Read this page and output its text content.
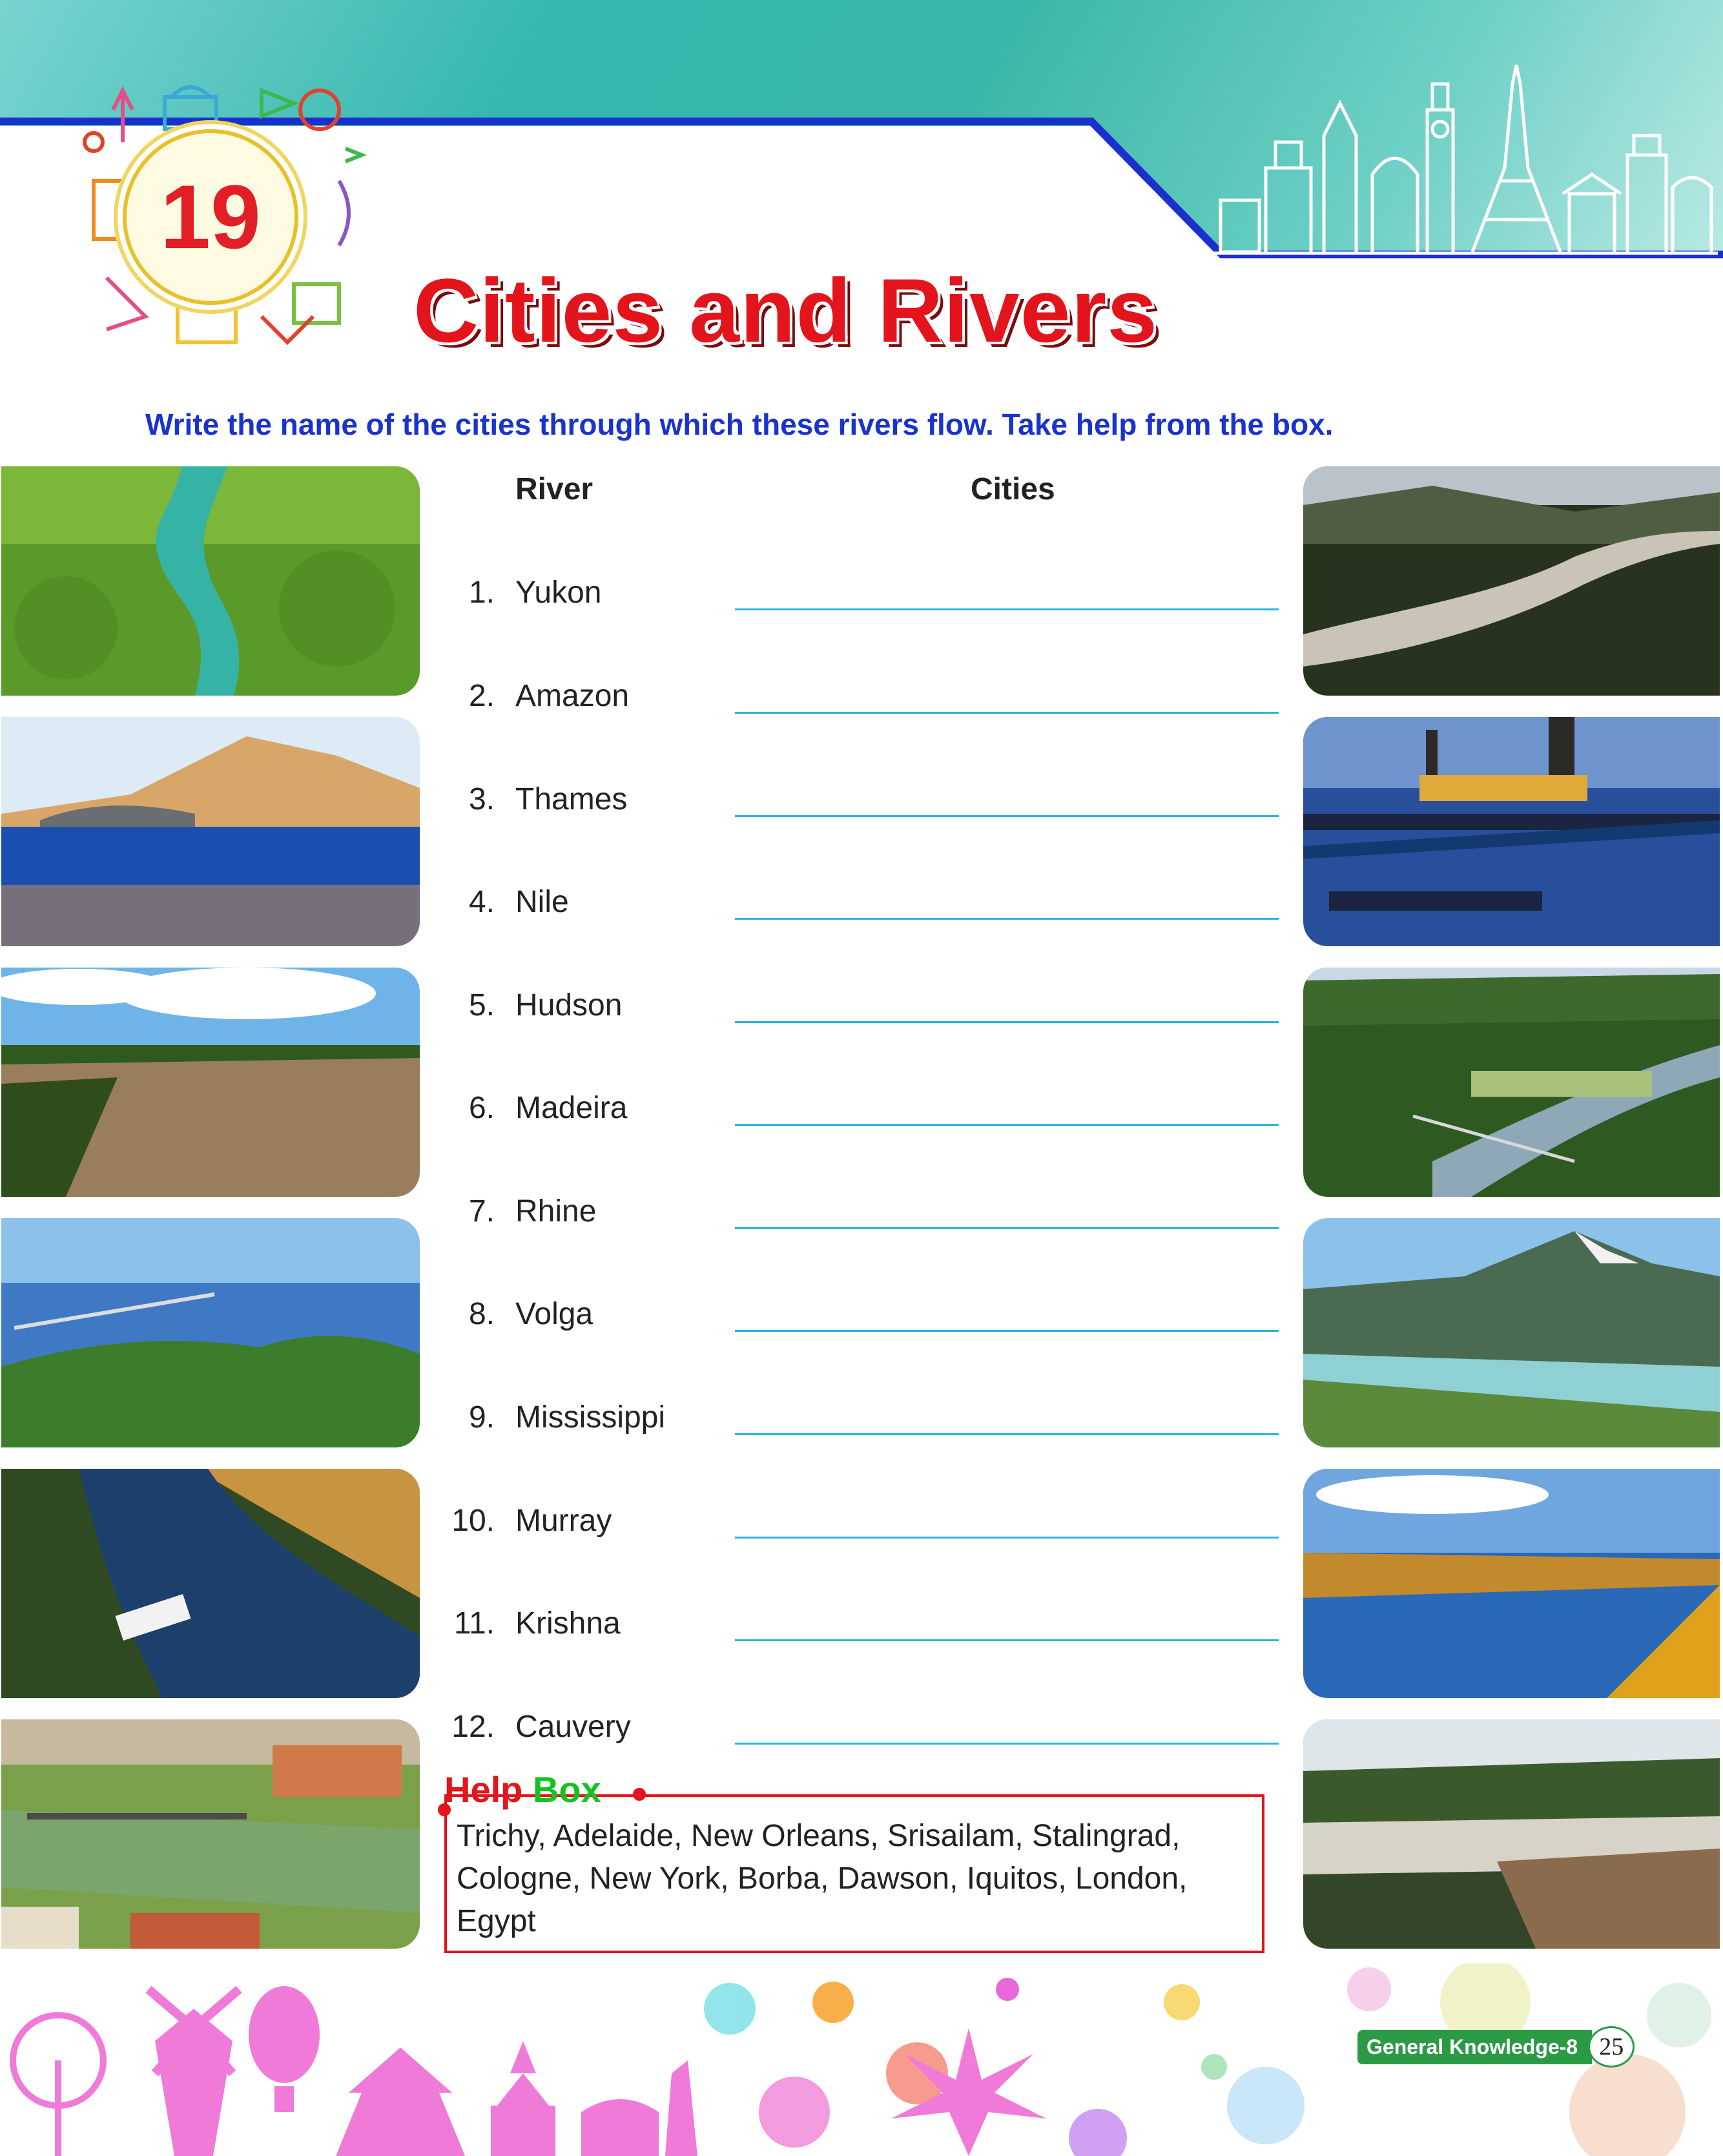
19
Cities and Rivers
Write the name of the cities through which these rivers flow. Take help from the box.
River	Cities
1. Yukon
2. Amazon
3. Thames
4. Nile
5. Hudson
6. Madeira
7. Rhine
8. Volga
9. Mississippi
10. Murray
11. Krishna
12. Cauvery
Help Box
Trichy, Adelaide, New Orleans, Srisailam, Stalingrad, Cologne, New York, Borba, Dawson, Iquitos, London, Egypt
General Knowledge-8 25
